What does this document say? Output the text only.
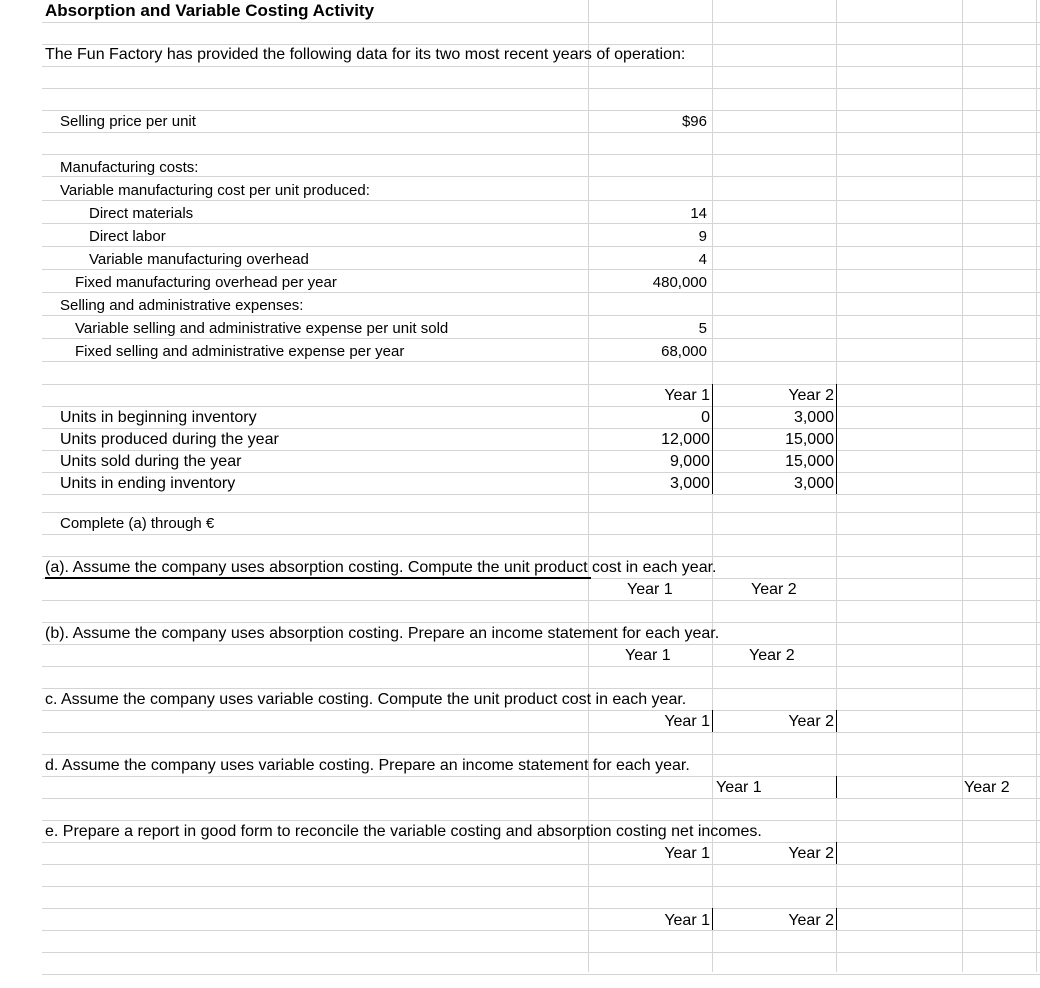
Absorption and Variable Costing Activity
The Fun Factory has provided the following data for its two most recent years of operation:
Selling price per unit	$96
Manufacturing costs:
Variable manufacturing cost per unit produced:
Direct materials	14
Direct labor	9
Variable manufacturing overhead	4
Fixed manufacturing overhead per year	480,000
Selling and administrative expenses:
Variable selling and administrative expense per unit sold	5
Fixed selling and administrative expense per year	68,000
Year 1	Year 2
Units in beginning inventory	0	3,000
Units produced during the year	12,000	15,000
Units sold during the year	9,000	15,000
Units in ending inventory	3,000	3,000
Complete (a) through €
(a). Assume the company uses absorption costing. Compute the unit product cost in each year.
Year 1	Year 2
(b). Assume the company uses absorption costing. Prepare an income statement for each year.
Year 1	Year 2
c. Assume the company uses variable costing. Compute the unit product cost in each year.
Year 1	Year 2
d. Assume the company uses variable costing. Prepare an income statement for each year.
Year 1	Year 2
e. Prepare a report in good form to reconcile the variable costing and absorption costing net incomes.
Year 1	Year 2
Year 1	Year 2
